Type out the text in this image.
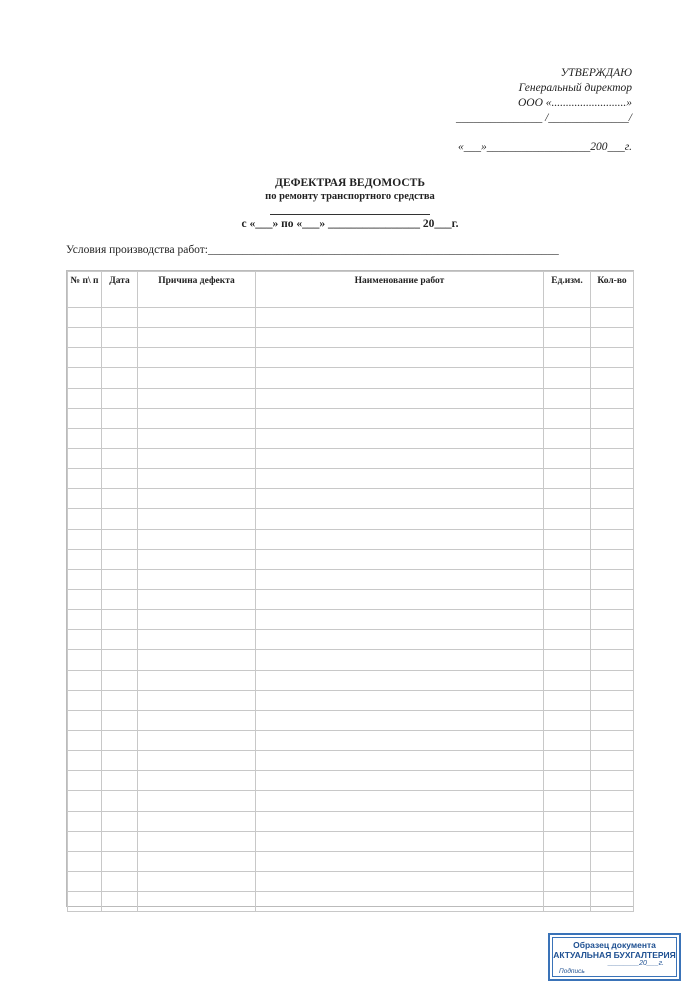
УТВЕРЖДАЮ
Генеральный директор
ООО «..........................»
_______________ /______________/
«___»__________________200___г.
ДЕФЕКТРАЯ ВЕДОМОСТЬ
по ремонту транспортного средства
с «___» по «___» ________________ 20___г.
Условия производства работ:_____________________________________________________________
№ п\ п	Дата	Причина дефекта	Наименование работ	Ед.изм.	Кол-во

Образец документа
АКТУАЛЬНАЯ БУХГАЛТЕРИЯ
________20___г.
Подпись
